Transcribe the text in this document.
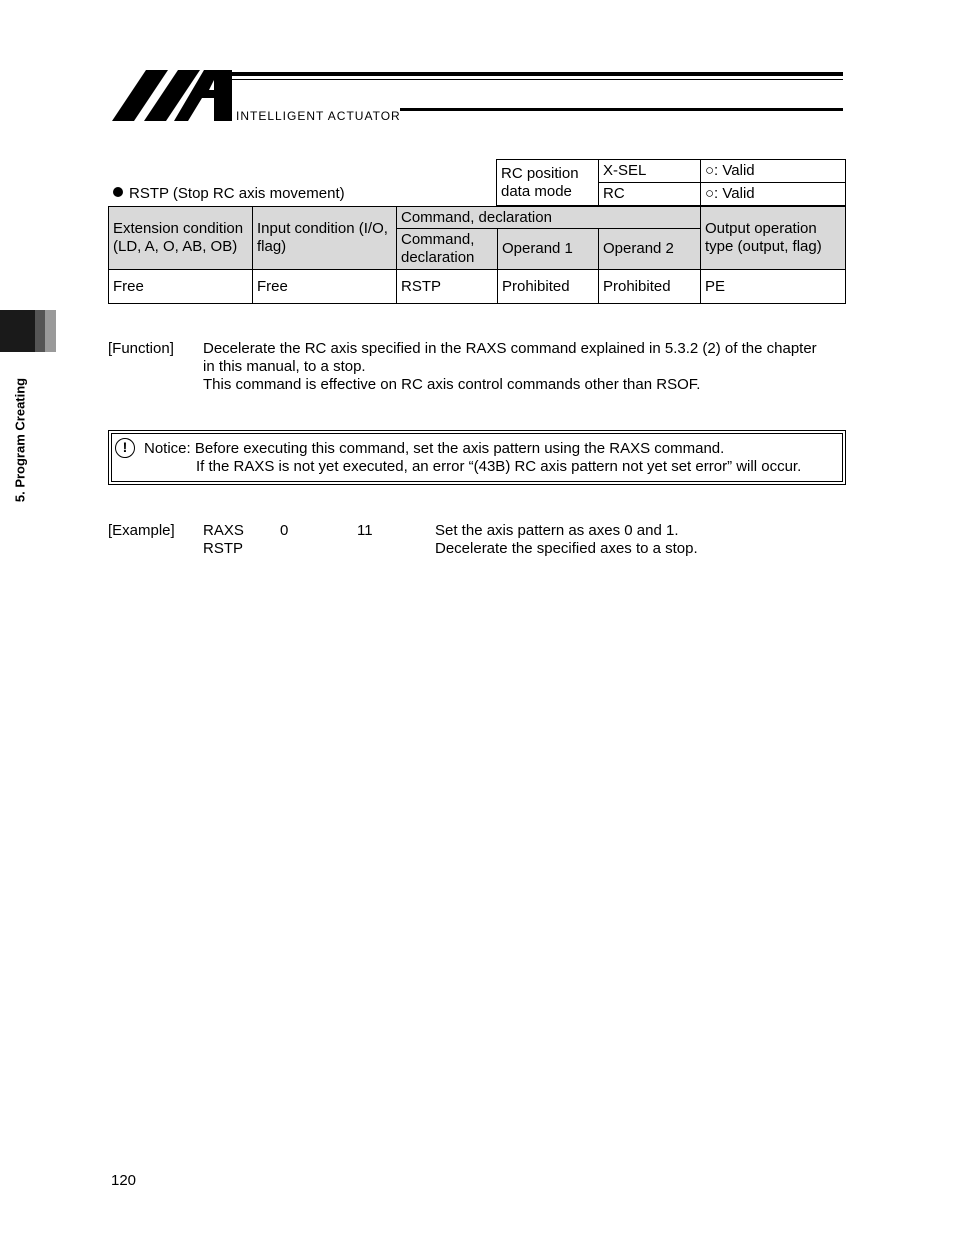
INTELLIGENT ACTUATOR
5. Program Creating
RSTP (Stop RC axis movement)
RC position data mode	X-SEL	○: Valid
	RC	○: Valid
Extension condition (LD, A, O, AB, OB)	Input condition (I/O, flag)	Command, declaration			Output operation type (output, flag)
		Command, declaration	Operand 1	Operand 2	
Free	Free	RSTP	Prohibited	Prohibited	PE
[Function] Decelerate the RC axis specified in the RAXS command explained in 5.3.2 (2) of the chapter
in this manual, to a stop.
This command is effective on RC axis control commands other than RSOF.
!	Notice: Before executing this command, set the axis pattern using the RAXS command.
If the RAXS is not yet executed, an error “(43B) RC axis pattern not yet set error” will occur.
[Example] RAXS 0	11	Set the axis pattern as axes 0 and 1.
RSTP	Decelerate the specified axes to a stop.
120
